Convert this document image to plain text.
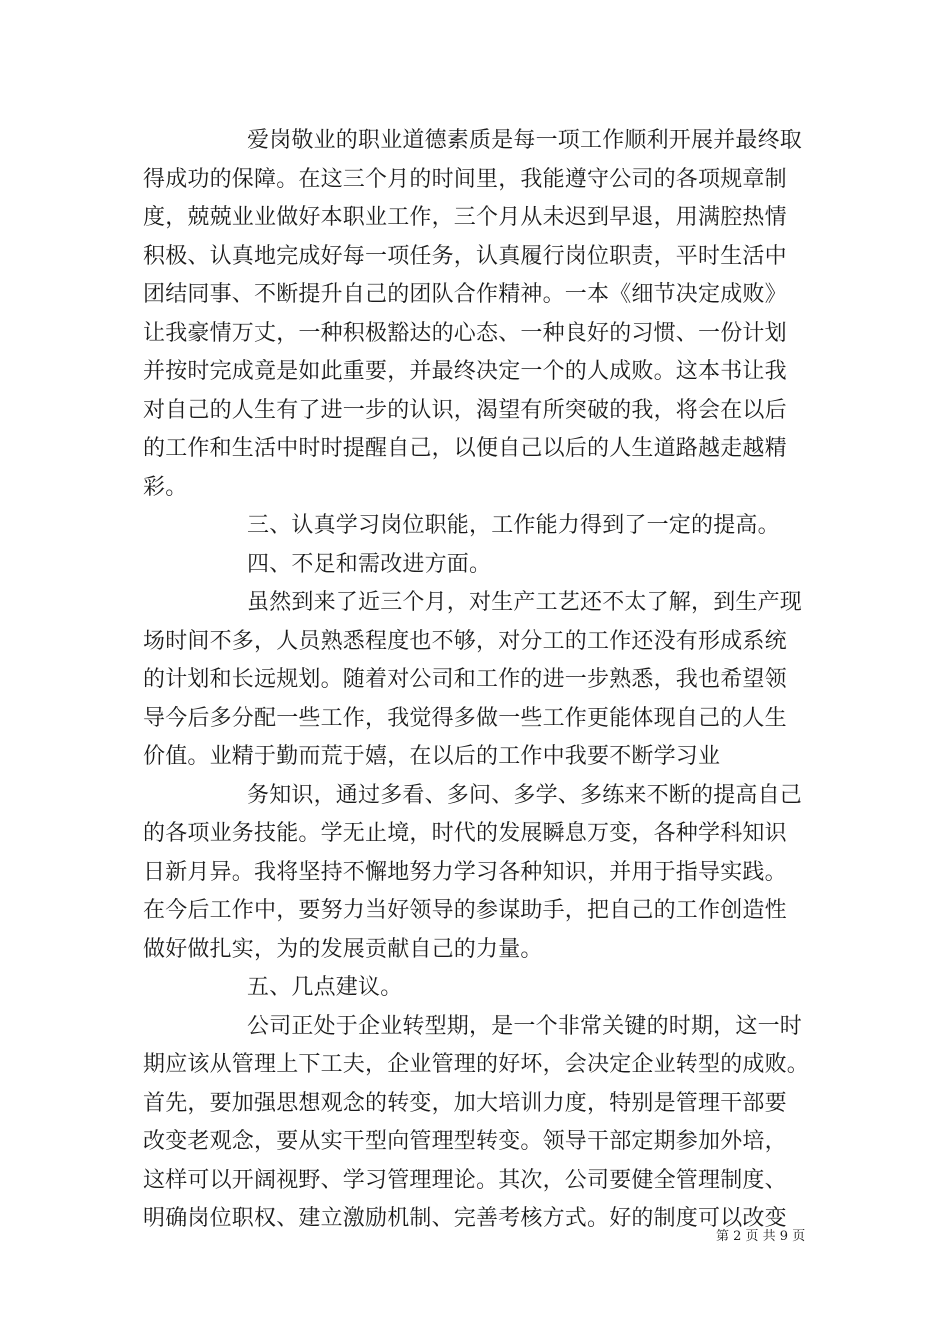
爱岗敬业的职业道德素质是每一项工作顺利开展并最终取
得成功的保障。在这三个月的时间里，我能遵守公司的各项规章制
度，兢兢业业做好本职业工作，三个月从未迟到早退，用满腔热情
积极、认真地完成好每一项任务，认真履行岗位职责，平时生活中
团结同事、不断提升自己的团队合作精神。一本《细节决定成败》
让我豪情万丈，一种积极豁达的心态、一种良好的习惯、一份计划
并按时完成竟是如此重要，并最终决定一个的人成败。这本书让我
对自己的人生有了进一步的认识，渴望有所突破的我，将会在以后
的工作和生活中时时提醒自己，以便自己以后的人生道路越走越精
彩。
三、认真学习岗位职能，工作能力得到了一定的提高。
四、不足和需改进方面。
虽然到来了近三个月，对生产工艺还不太了解，到生产现
场时间不多，人员熟悉程度也不够，对分工的工作还没有形成系统
的计划和长远规划。随着对公司和工作的进一步熟悉，我也希望领
导今后多分配一些工作，我觉得多做一些工作更能体现自己的人生
价值。业精于勤而荒于嬉，在以后的工作中我要不断学习业
务知识，通过多看、多问、多学、多练来不断的提高自己
的各项业务技能。学无止境，时代的发展瞬息万变，各种学科知识
日新月异。我将坚持不懈地努力学习各种知识，并用于指导实践。
在今后工作中，要努力当好领导的参谋助手，把自己的工作创造性
做好做扎实，为的发展贡献自己的力量。
五、几点建议。
公司正处于企业转型期，是一个非常关键的时期，这一时
期应该从管理上下工夫，企业管理的好坏，会决定企业转型的成败。
首先，要加强思想观念的转变，加大培训力度，特别是管理干部要
改变老观念，要从实干型向管理型转变。领导干部定期参加外培，
这样可以开阔视野、学习管理理论。其次，公司要健全管理制度、
明确岗位职权、建立激励机制、完善考核方式。好的制度可以改变
第 2 页 共 9 页
